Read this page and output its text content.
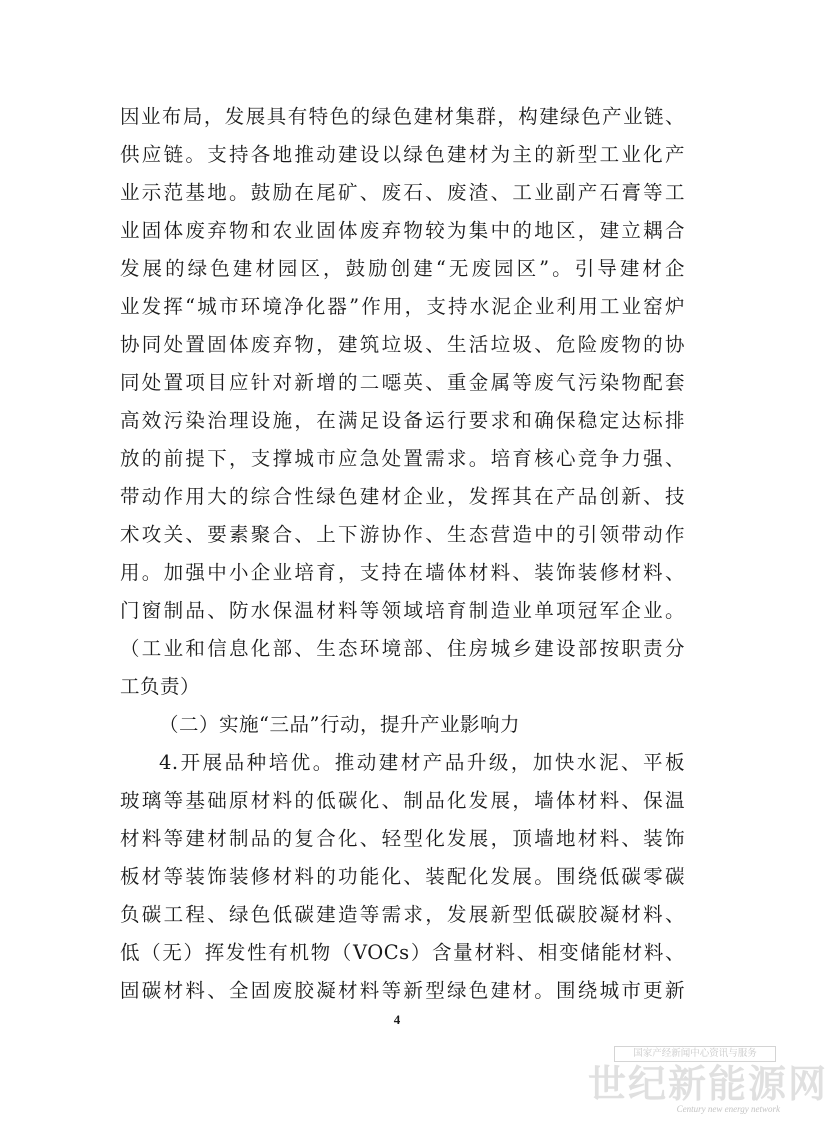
因业布局，发展具有特色的绿色建材集群，构建绿色产业链、
供应链。支持各地推动建设以绿色建材为主的新型工业化产
业示范基地。鼓励在尾矿、废石、废渣、工业副产石膏等工
业固体废弃物和农业固体废弃物较为集中的地区，建立耦合
发展的绿色建材园区，鼓励创建“无废园区”。引导建材企
业发挥“城市环境净化器”作用，支持水泥企业利用工业窑炉
协同处置固体废弃物，建筑垃圾、生活垃圾、危险废物的协
同处置项目应针对新增的二噁英、重金属等废气污染物配套
高效污染治理设施，在满足设备运行要求和确保稳定达标排
放的前提下，支撑城市应急处置需求。培育核心竞争力强、
带动作用大的综合性绿色建材企业，发挥其在产品创新、技
术攻关、要素聚合、上下游协作、生态营造中的引领带动作
用。加强中小企业培育，支持在墙体材料、装饰装修材料、
门窗制品、防水保温材料等领域培育制造业单项冠军企业。
（工业和信息化部、生态环境部、住房城乡建设部按职责分
工负责）
（二）实施“三品”行动，提升产业影响力
4.开展品种培优。推动建材产品升级，加快水泥、平板
玻璃等基础原材料的低碳化、制品化发展，墙体材料、保温
材料等建材制品的复合化、轻型化发展，顶墙地材料、装饰
板材等装饰装修材料的功能化、装配化发展。围绕低碳零碳
负碳工程、绿色低碳建造等需求，发展新型低碳胶凝材料、
低（无）挥发性有机物（VOCs）含量材料、相变储能材料、
固碳材料、全固废胶凝材料等新型绿色建材。围绕城市更新
4
国家产经新闻中心资讯与服务
世纪新能源网
Century new energy network
